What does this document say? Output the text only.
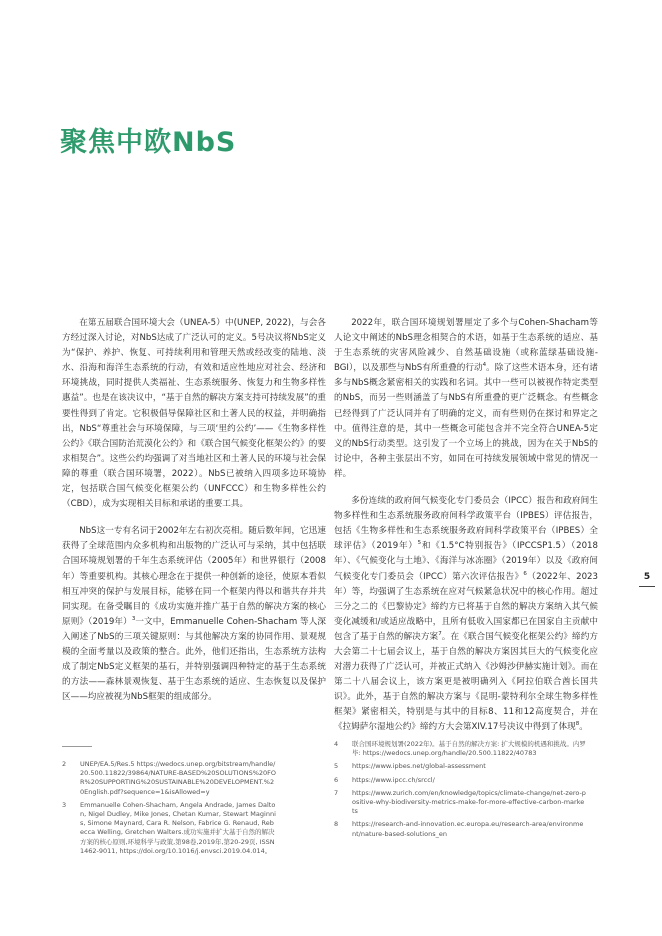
聚焦中欧NbS

在第五届联合国环境大会（UNEA-5）中(UNEP, 2022)，与会各方经过深入讨论，对NbS达成了广泛认可的定义。5号决议将NbS定义为“保护、养护、恢复、可持续利用和管理天然或经改变的陆地、淡水、沿海和海洋生态系统的行动，有效和适应性地应对社会、经济和环境挑战，同时提供人类福祉、生态系统服务、恢复力和生物多样性惠益”。也是在该决议中，“基于自然的解决方案支持可持续发展”的重要性得到了肯定。它积极倡导保障社区和土著人民的权益，并明确指出，NbS“尊重社会与环境保障，与三项‘里约公约’——《生物多样性公约》《联合国防治荒漠化公约》和《联合国气候变化框架公约》的要求相契合”。这些公约均强调了对当地社区和土著人民的环境与社会保障的尊重（联合国环境署，2022）。NbS已被纳入四项多边环境协定，包括联合国气候变化框架公约（UNFCCC）和生物多样性公约（CBD），成为实现相关目标和承诺的重要工具。

NbS这一专有名词于2002年左右初次亮相。随后数年间，它迅速获得了全球范围内众多机构和出版物的广泛认可与采纳，其中包括联合国环境规划署的千年生态系统评估（2005年）和世界银行（2008年）等重要机构。其核心理念在于提供一种创新的途径，使原本看似相互冲突的保护与发展目标，能够在同一个框架内得以和谐共存并共同实现。在备受瞩目的《成功实施并推广基于自然的解决方案的核心原则》（2019年）$^3$一文中，Emmanuelle Cohen-Shacham 等人深入阐述了NbS的三项关键原则：与其他解决方案的协同作用、景观规模的全面考量以及政策的整合。此外，他们还指出，生态系统方法构成了制定NbS定义框架的基石，并特别强调四种特定的基于生态系统的方法——森林景观恢复、基于生态系统的适应、生态恢复以及保护区——均应被视为NbS框架的组成部分。

2022年，联合国环境规划署厘定了多个与Cohen-Shacham等人论文中阐述的NbS理念相契合的术语，如基于生态系统的适应、基于生态系统的灾害风险减少、自然基础设施（或称蓝绿基础设施-BGI），以及那些与NbS有所重叠的行动$^4$。除了这些术语本身，还有诸多与NbS概念紧密相关的实践和名词。其中一些可以被视作特定类型的NbS，而另一些则涵盖了与NbS有所重叠的更广泛概念。有些概念已经得到了广泛认同并有了明确的定义，而有些则仍在探讨和界定之中。值得注意的是，其中一些概念可能包含并不完全符合UNEA-5定义的NbS行动类型。这引发了一个立场上的挑战，因为在关于NbS的讨论中，各种主张层出不穷，如同在可持续发展领域中常见的情况一样。

多份连续的政府间气候变化专门委员会（IPCC）报告和政府间生物多样性和生态系统服务政府间科学政策平台（IPBES）评估报告，包括《生物多样性和生态系统服务政府间科学政策平台（IPBES）全球评估》（2019年）$^5$和《1.5°C特别报告》（IPCCSP1.5）（2018年）、《气候变化与土地》、《海洋与冰冻圈》（2019年）以及《政府间气候变化专门委员会（IPCC）第六次评估报告》$^6$（2022年、2023年）等，均强调了生态系统在应对气候紧急状况中的核心作用。超过三分之二的《巴黎协定》缔约方已将基于自然的解决方案纳入其气候变化减缓和/或适应战略中，且所有低收入国家都已在国家自主贡献中包含了基于自然的解决方案$^7$。在《联合国气候变化框架公约》缔约方大会第二十七届会议上，基于自然的解决方案因其巨大的气候变化应对潜力获得了广泛认可，并被正式纳入《沙姆沙伊赫实施计划》。而在第二十八届会议上，该方案更是被明确列入《阿拉伯联合酋长国共识》。此外，基于自然的解决方案与《昆明-蒙特利尔全球生物多样性框架》紧密相关，特别是与其中的目标8、11和12高度契合，并在《拉姆萨尔湿地公约》缔约方大会第XIV.17号决议中得到了体现$^8$。

5
2	UNEP/EA.5/Res.5 https://wedocs.unep.org/bitstream/handle/20.500.11822/39864/NATURE-BASED%20SOLUTIONS%20FOR%20SUPPORTING%20SUSTAINABLE%20DEVELOPMENT.%20English.pdf?sequence=1&isAllowed=y
3	Emmanuelle Cohen-Shacham, Angela Andrade, James Dalton, Nigel Dudley, Mike Jones, Chetan Kumar, Stewart Maginnis, Simone Maynard, Cara R. Nelson, Fabrice G. Renaud, Rebecca Welling, Gretchen Walters.成功实施并扩大基于自然的解决方案的核心原则,环境科学与政策,第98卷,2019年,第20-29页, ISSN 1462-9011, https://doi.org/10.1016/j.envsci.2019.04.014。
4	联合国环境规划署(2022年)。基于自然的解决方案: 扩大规模的机遇和挑战。内罗毕: https://wedocs.unep.org/handle/20.500.11822/40783
5	https://www.ipbes.net/global-assessment
6	https://www.ipcc.ch/srccl/
7	https://www.zurich.com/en/knowledge/topics/climate-change/net-zero-positive-why-biodiversity-metrics-make-for-more-effective-carbon-markets
8	https://research-and-innovation.ec.europa.eu/research-area/environment/nature-based-solutions_en
